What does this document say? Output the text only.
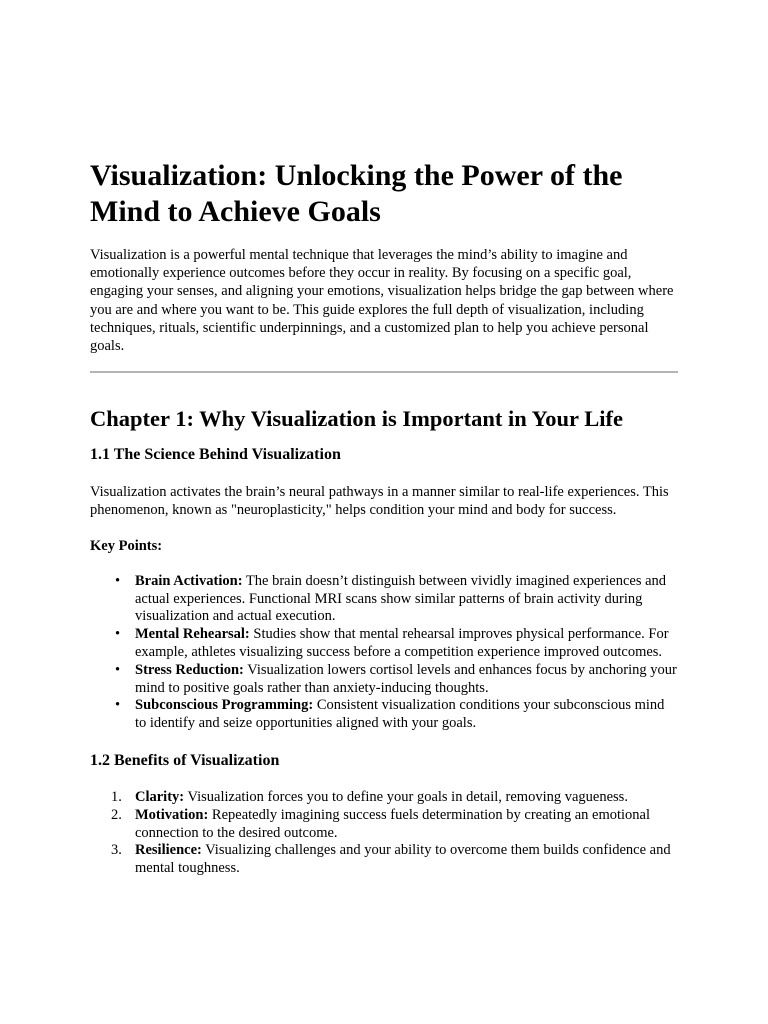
Visualization: Unlocking the Power of the Mind to Achieve Goals

Visualization is a powerful mental technique that leverages the mind’s ability to imagine and emotionally experience outcomes before they occur in reality. By focusing on a specific goal, engaging your senses, and aligning your emotions, visualization helps bridge the gap between where you are and where you want to be. This guide explores the full depth of visualization, including techniques, rituals, scientific underpinnings, and a customized plan to help you achieve personal goals.

Chapter 1: Why Visualization is Important in Your Life
1.1 The Science Behind Visualization

Visualization activates the brain’s neural pathways in a manner similar to real-life experiences. This phenomenon, known as "neuroplasticity," helps condition your mind and body for success.

Key Points:

• Brain Activation: The brain doesn’t distinguish between vividly imagined experiences and actual experiences. Functional MRI scans show similar patterns of brain activity during visualization and actual execution.
• Mental Rehearsal: Studies show that mental rehearsal improves physical performance. For example, athletes visualizing success before a competition experience improved outcomes.
• Stress Reduction: Visualization lowers cortisol levels and enhances focus by anchoring your mind to positive goals rather than anxiety-inducing thoughts.
• Subconscious Programming: Consistent visualization conditions your subconscious mind to identify and seize opportunities aligned with your goals.
1.2 Benefits of Visualization
1. Clarity: Visualization forces you to define your goals in detail, removing vagueness.
2. Motivation: Repeatedly imagining success fuels determination by creating an emotional connection to the desired outcome.
3. Resilience: Visualizing challenges and your ability to overcome them builds confidence and mental toughness.
